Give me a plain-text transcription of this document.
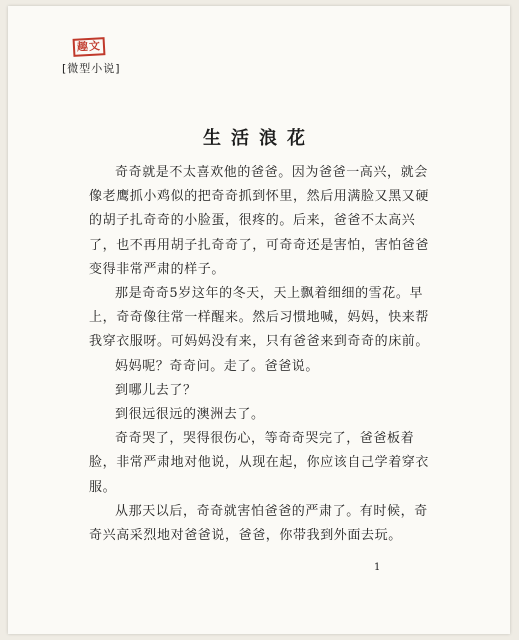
趣文
[微型小说]
生活浪花

奇奇就是不太喜欢他的爸爸。因为爸爸一高兴，就会像老鹰抓小鸡似的把奇奇抓到怀里，然后用满脸又黑又硬的胡子扎奇奇的小脸蛋，很疼的。后来，爸爸不太高兴了，也不再用胡子扎奇奇了，可奇奇还是害怕，害怕爸爸变得非常严肃的样子。

那是奇奇5岁这年的冬天，天上飘着细细的雪花。早上，奇奇像往常一样醒来。然后习惯地喊，妈妈，快来帮我穿衣服呀。可妈妈没有来，只有爸爸来到奇奇的床前。

妈妈呢？奇奇问。走了。爸爸说。

到哪儿去了？

到很远很远的澳洲去了。

奇奇哭了，哭得很伤心，等奇奇哭完了，爸爸板着脸，非常严肃地对他说，从现在起，你应该自己学着穿衣服。

从那天以后，奇奇就害怕爸爸的严肃了。有时候，奇奇兴高采烈地对爸爸说，爸爸，你带我到外面去玩。

1
